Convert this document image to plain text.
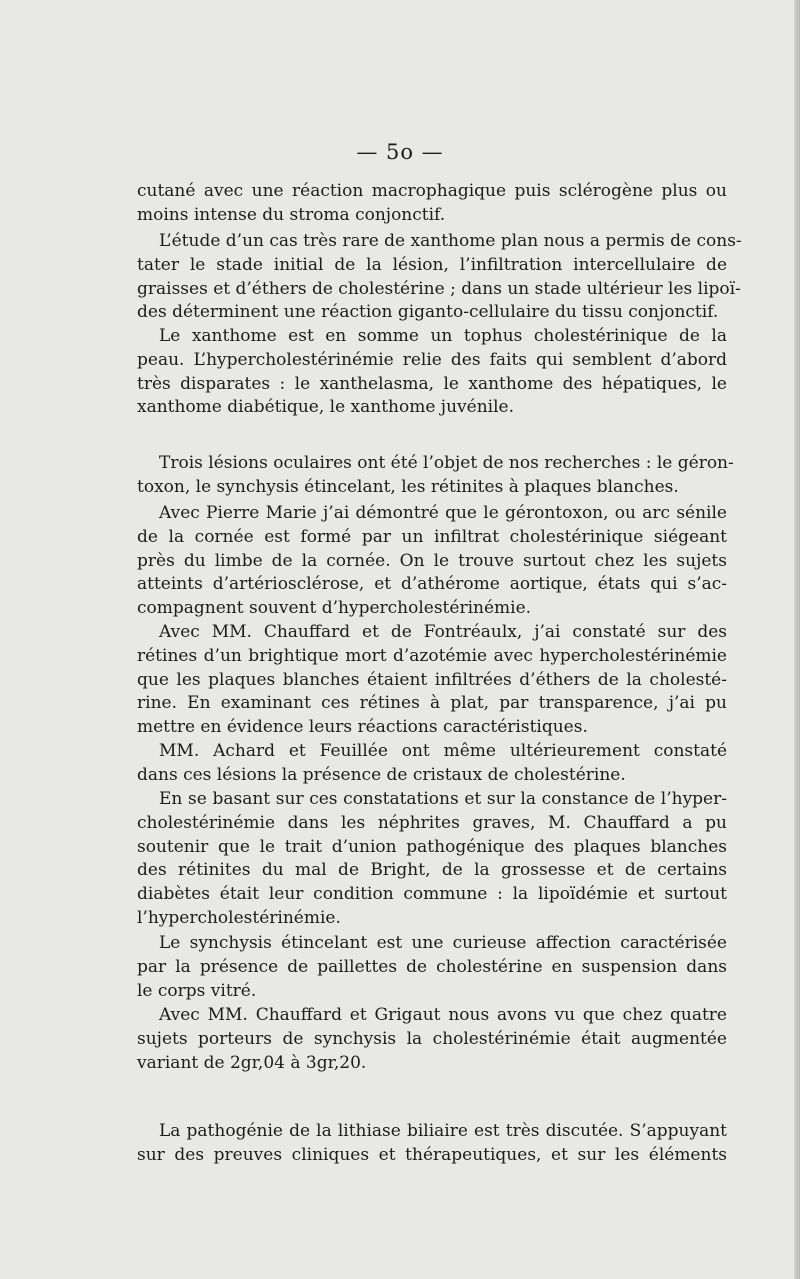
— 5o —
cutané avec une réaction macrophagique puis sclérogène plus ou
moins intense du stroma conjonctif.
L’étude d’un cas très rare de xanthome plan nous a permis de cons-
tater le stade initial de la lésion, l’infiltration intercellulaire de
graisses et d’éthers de cholestérine ; dans un stade ultérieur les lipoï-
des déterminent une réaction giganto-cellulaire du tissu conjonctif.
Le xanthome est en somme un tophus cholestérinique de la
peau. L’hypercholestérinémie relie des faits qui semblent d’abord
très disparates : le xanthelasma, le xanthome des hépatiques, le
xanthome diabétique, le xanthome juvénile.
Trois lésions oculaires ont été l’objet de nos recherches : le géron-
toxon, le synchysis étincelant, les rétinites à plaques blanches.
Avec Pierre Marie j’ai démontré que le gérontoxon, ou arc sénile
de la cornée est formé par un infiltrat cholestérinique siégeant
près du limbe de la cornée. On le trouve surtout chez les sujets
atteints d’artériosclérose, et d’athérome aortique, états qui s’ac-
compagnent souvent d’hypercholestérinémie.
Avec MM. Chauffard et de Fontréaulx, j’ai constaté sur des
rétines d’un brightique mort d’azotémie avec hypercholestérinémie
que les plaques blanches étaient infiltrées d’éthers de la cholesté-
rine. En examinant ces rétines à plat, par transparence, j’ai pu
mettre en évidence leurs réactions caractéristiques.
MM. Achard et Feuillée ont même ultérieurement constaté
dans ces lésions la présence de cristaux de cholestérine.
En se basant sur ces constatations et sur la constance de l’hyper-
cholestérinémie dans les néphrites graves, M. Chauffard a pu
soutenir que le trait d’union pathogénique des plaques blanches
des rétinites du mal de Bright, de la grossesse et de certains
diabètes était leur condition commune : la lipoïdémie et surtout
l’hypercholestérinémie.
Le synchysis étincelant est une curieuse affection caractérisée
par la présence de paillettes de cholestérine en suspension dans
le corps vitré.
Avec MM. Chauffard et Grigaut nous avons vu que chez quatre
sujets porteurs de synchysis la cholestérinémie était augmentée
variant de 2gr,04 à 3gr,20.
La pathogénie de la lithiase biliaire est très discutée. S’appuyant
sur des preuves cliniques et thérapeutiques, et sur les éléments
